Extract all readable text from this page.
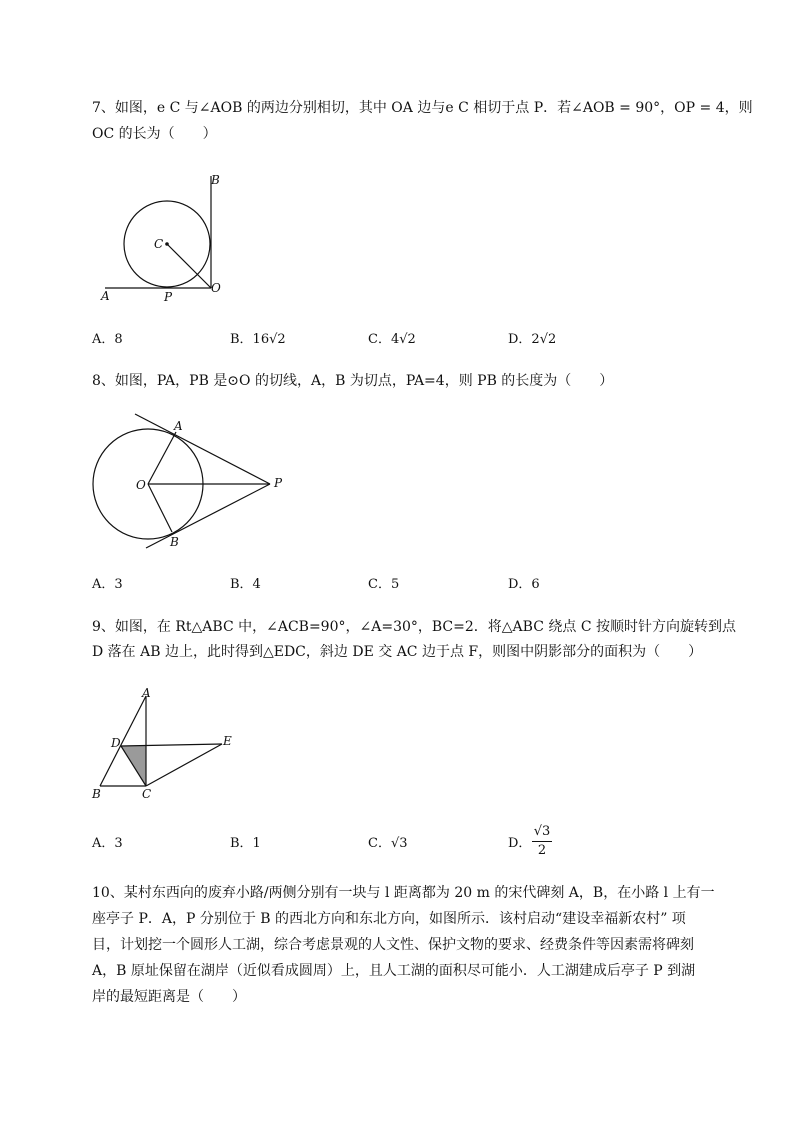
7、如图，e C 与∠AOB 的两边分别相切，其中 OA 边与e C 相切于点 P．若∠AOB = 90°，OP = 4，则
OC 的长为（　　）
B
C
A	P
O
A．8	B．16√2	C．4√2	D．2√2
8、如图，PA，PB 是⊙O 的切线，A，B 为切点，PA=4，则 PB 的长度为（　　）
A
O	P
B
A．3	B．4	C．5	D．6
9、如图，在 Rt△ABC 中，∠ACB=90°，∠A=30°，BC=2．将△ABC 绕点 C 按顺时针方向旋转到点
D 落在 AB 边上，此时得到△EDC，斜边 DE 交 AC 边于点 F，则图中阴影部分的面积为（　　）
A
D	E
B	C
A．3	B．1	C．√3	D．
√3
2
10、某村东西向的废弃小路/两侧分别有一块与 l 距离都为 20 m 的宋代碑刻 A，B，在小路 l 上有一
座亭子 P．A，P 分别位于 B 的西北方向和东北方向，如图所示．该村启动“建设幸福新农村” 项
目，计划挖一个圆形人工湖，综合考虑景观的人文性、保护文物的要求、经费条件等因素需将碑刻
A，B 原址保留在湖岸（近似看成圆周）上，且人工湖的面积尽可能小．人工湖建成后亭子 P 到湖
岸的最短距离是（　　）
